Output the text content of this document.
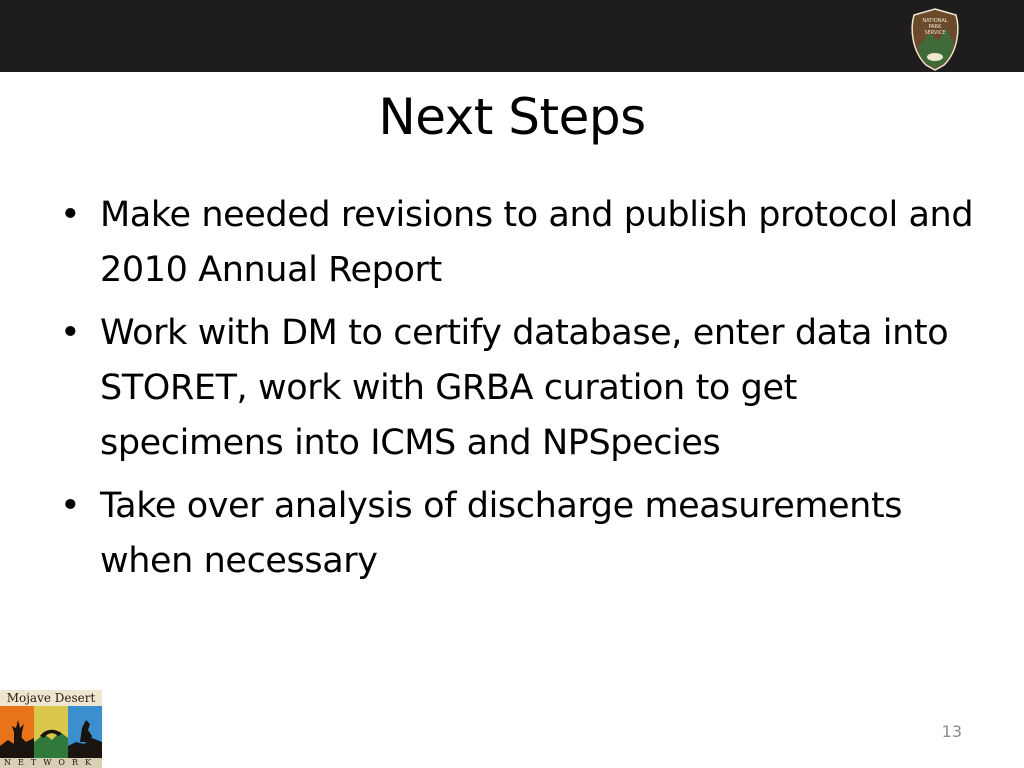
NATIONAL
PARK
SERVICE
Next Steps
• Make needed revisions to and publish protocol and 2010 Annual Report
• Work with DM to certify database, enter data into STORET, work with GRBA curation to get specimens into ICMS and NPSpecies
• Take over analysis of discharge measurements when necessary
Mojave Desert
NETWORK
13
